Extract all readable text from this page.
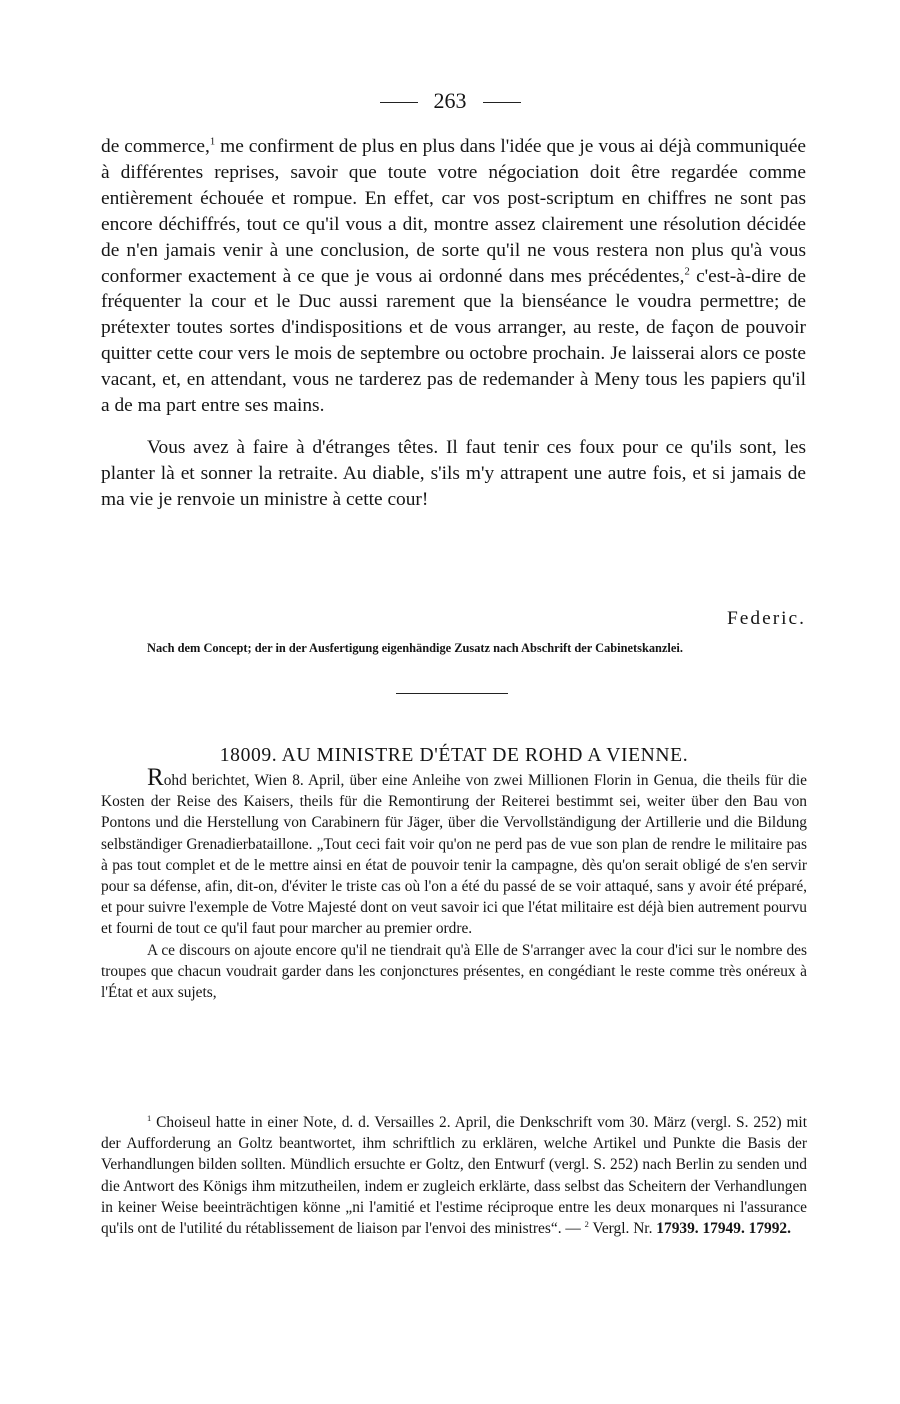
263

de commerce,$^1$ me confirment de plus en plus dans l'idée que je vous ai déjà communiquée à différentes reprises, savoir que toute votre négociation doit être regardée comme entièrement échouée et rompue. En effet, car vos post-scriptum en chiffres ne sont pas encore déchiffrés, tout ce qu'il vous a dit, montre assez clairement une résolution décidée de n'en jamais venir à une conclusion, de sorte qu'il ne vous restera non plus qu'à vous conformer exactement à ce que je vous ai ordonné dans mes précédentes,$^2$ c'est-à-dire de fréquenter la cour et le Duc aussi rarement que la bienséance le voudra permettre; de prétexter toutes sortes d'indispositions et de vous arranger, au reste, de façon de pouvoir quitter cette cour vers le mois de septembre ou octobre prochain. Je laisserai alors ce poste vacant, et, en attendant, vous ne tarderez pas de redemander à Meny tous les papiers qu'il a de ma part entre ses mains.

Vous avez à faire à d'étranges têtes. Il faut tenir ces foux pour ce qu'ils sont, les planter là et sonner la retraite. Au diable, s'ils m'y attrapent une autre fois, et si jamais de ma vie je renvoie un ministre à cette cour!

Federic.
Nach dem Concept; der in der Ausfertigung eigenhändige Zusatz nach Abschrift der Cabinetskanzlei.
18009. AU MINISTRE D'ÉTAT DE ROHD A VIENNE.

Rohd berichtet, Wien 8. April, über eine Anleihe von zwei Millionen Florin in Genua, die theils für die Kosten der Reise des Kaisers, theils für die Remontirung der Reiterei bestimmt sei, weiter über den Bau von Pontons und die Herstellung von Carabinern für Jäger, über die Vervollständigung der Artillerie und die Bildung selbständiger Grenadierbataillone. „Tout ceci fait voir qu'on ne perd pas de vue son plan de rendre le militaire pas à pas tout complet et de le mettre ainsi en état de pouvoir tenir la campagne, dès qu'on serait obligé de s'en servir pour sa défense, afin, dit-on, d'éviter le triste cas où l'on a été du passé de se voir attaqué, sans y avoir été préparé, et pour suivre l'exemple de Votre Majesté dont on veut savoir ici que l'état militaire est déjà bien autrement pourvu et fourni de tout ce qu'il faut pour marcher au premier ordre.

A ce discours on ajoute encore qu'il ne tiendrait qu'à Elle de S'arranger avec la cour d'ici sur le nombre des troupes que chacun voudrait garder dans les conjonctures présentes, en congédiant le reste comme très onéreux à l'État et aux sujets,

$^1$ Choiseul hatte in einer Note, d. d. Versailles 2. April, die Denkschrift vom 30. März (vergl. S. 252) mit der Aufforderung an Goltz beantwortet, ihm schriftlich zu erklären, welche Artikel und Punkte die Basis der Verhandlungen bilden sollten. Mündlich ersuchte er Goltz, den Entwurf (vergl. S. 252) nach Berlin zu senden und die Antwort des Königs ihm mitzutheilen, indem er zugleich erklärte, dass selbst das Scheitern der Verhandlungen in keiner Weise beeinträchtigen könne „ni l'amitié et l'estime réciproque entre les deux monarques ni l'assurance qu'ils ont de l'utilité du rétablissement de liaison par l'envoi des ministres“. — $^2$ Vergl. Nr. 17939. 17949. 17992.
